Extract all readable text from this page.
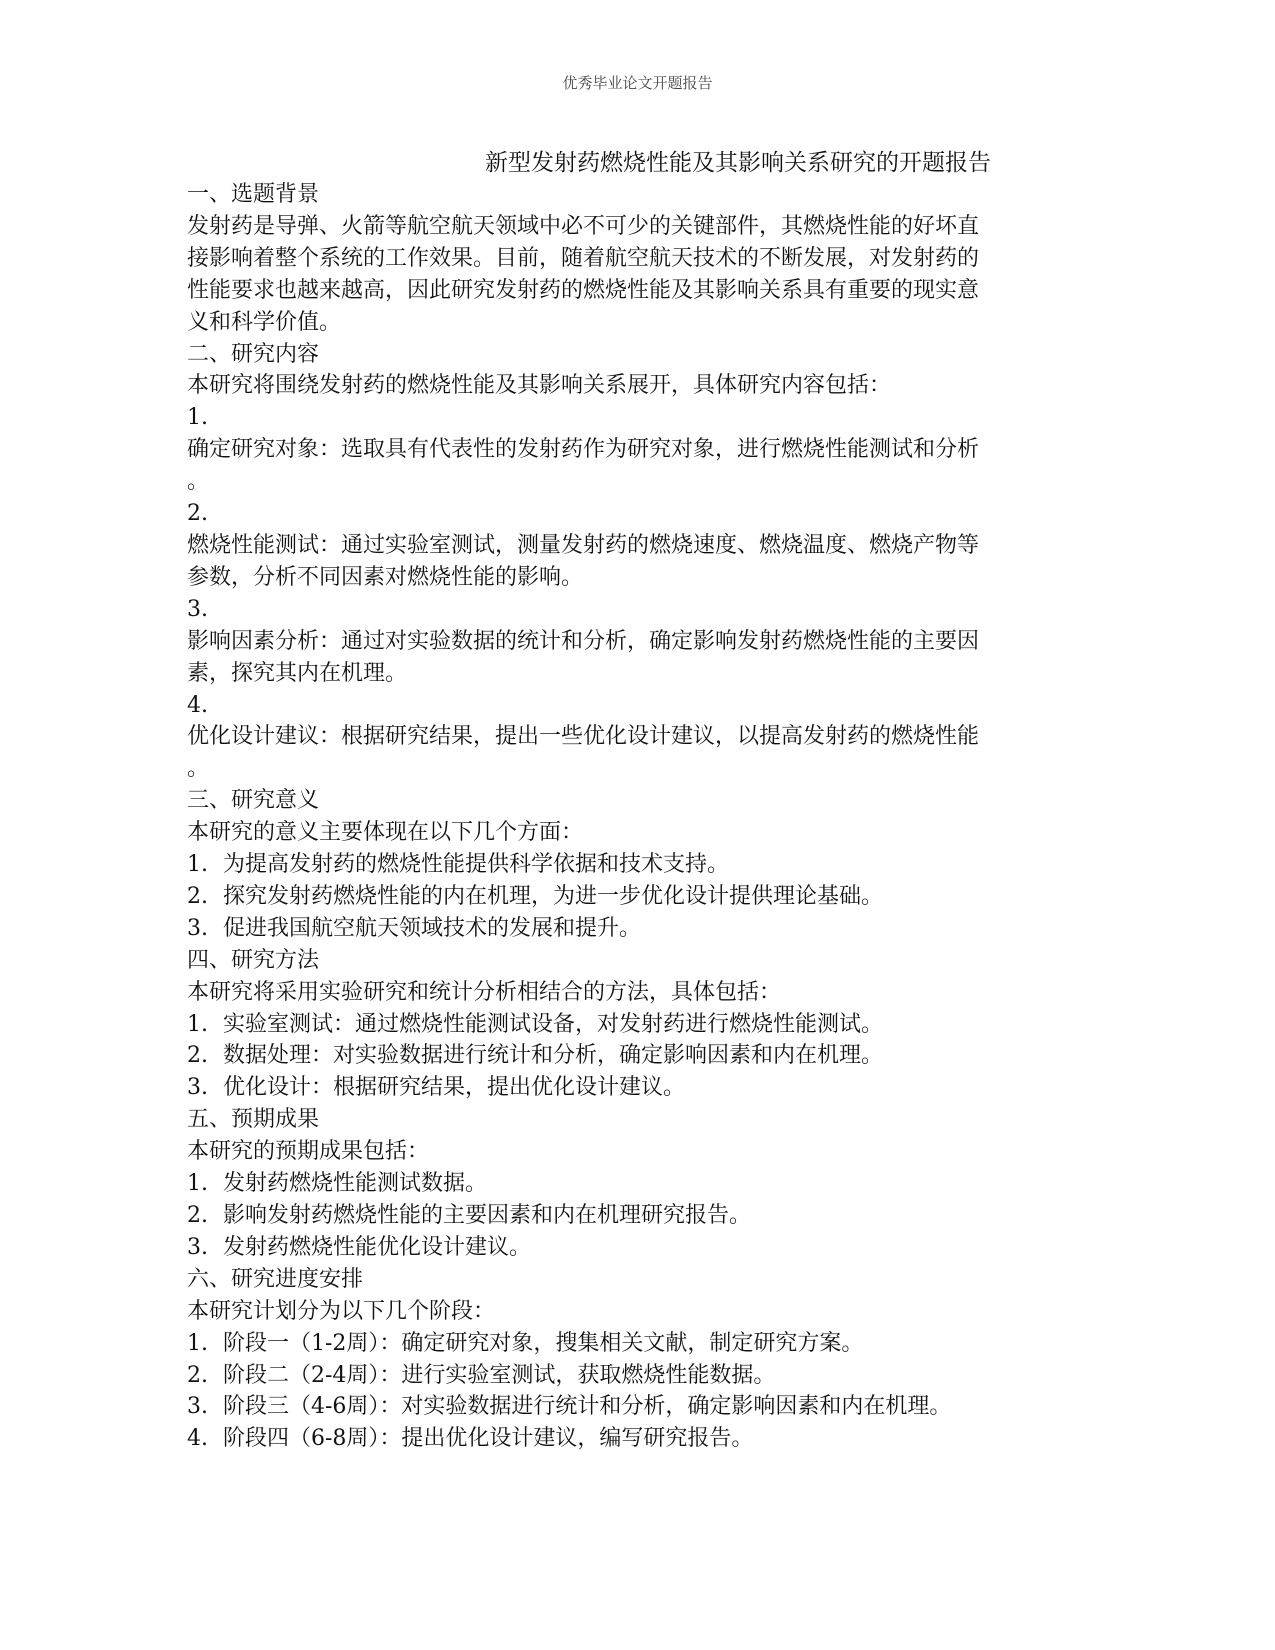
优秀毕业论文开题报告
新型发射药燃烧性能及其影响关系研究的开题报告
一、选题背景
发射药是导弹、火箭等航空航天领域中必不可少的关键部件，其燃烧性能的好坏直
接影响着整个系统的工作效果。目前，随着航空航天技术的不断发展，对发射药的
性能要求也越来越高，因此研究发射药的燃烧性能及其影响关系具有重要的现实意
义和科学价值。
二、研究内容
本研究将围绕发射药的燃烧性能及其影响关系展开，具体研究内容包括：
1.
确定研究对象：选取具有代表性的发射药作为研究对象，进行燃烧性能测试和分析
。
2.
燃烧性能测试：通过实验室测试，测量发射药的燃烧速度、燃烧温度、燃烧产物等
参数，分析不同因素对燃烧性能的影响。
3.
影响因素分析：通过对实验数据的统计和分析，确定影响发射药燃烧性能的主要因
素，探究其内在机理。
4.
优化设计建议：根据研究结果，提出一些优化设计建议，以提高发射药的燃烧性能
。
三、研究意义
本研究的意义主要体现在以下几个方面：
1. 为提高发射药的燃烧性能提供科学依据和技术支持。
2. 探究发射药燃烧性能的内在机理，为进一步优化设计提供理论基础。
3. 促进我国航空航天领域技术的发展和提升。
四、研究方法
本研究将采用实验研究和统计分析相结合的方法，具体包括：
1. 实验室测试：通过燃烧性能测试设备，对发射药进行燃烧性能测试。
2. 数据处理：对实验数据进行统计和分析，确定影响因素和内在机理。
3. 优化设计：根据研究结果，提出优化设计建议。
五、预期成果
本研究的预期成果包括：
1. 发射药燃烧性能测试数据。
2. 影响发射药燃烧性能的主要因素和内在机理研究报告。
3. 发射药燃烧性能优化设计建议。
六、研究进度安排
本研究计划分为以下几个阶段：
1. 阶段一（1-2周）：确定研究对象，搜集相关文献，制定研究方案。
2. 阶段二（2-4周）：进行实验室测试，获取燃烧性能数据。
3. 阶段三（4-6周）：对实验数据进行统计和分析，确定影响因素和内在机理。
4. 阶段四（6-8周）：提出优化设计建议，编写研究报告。
